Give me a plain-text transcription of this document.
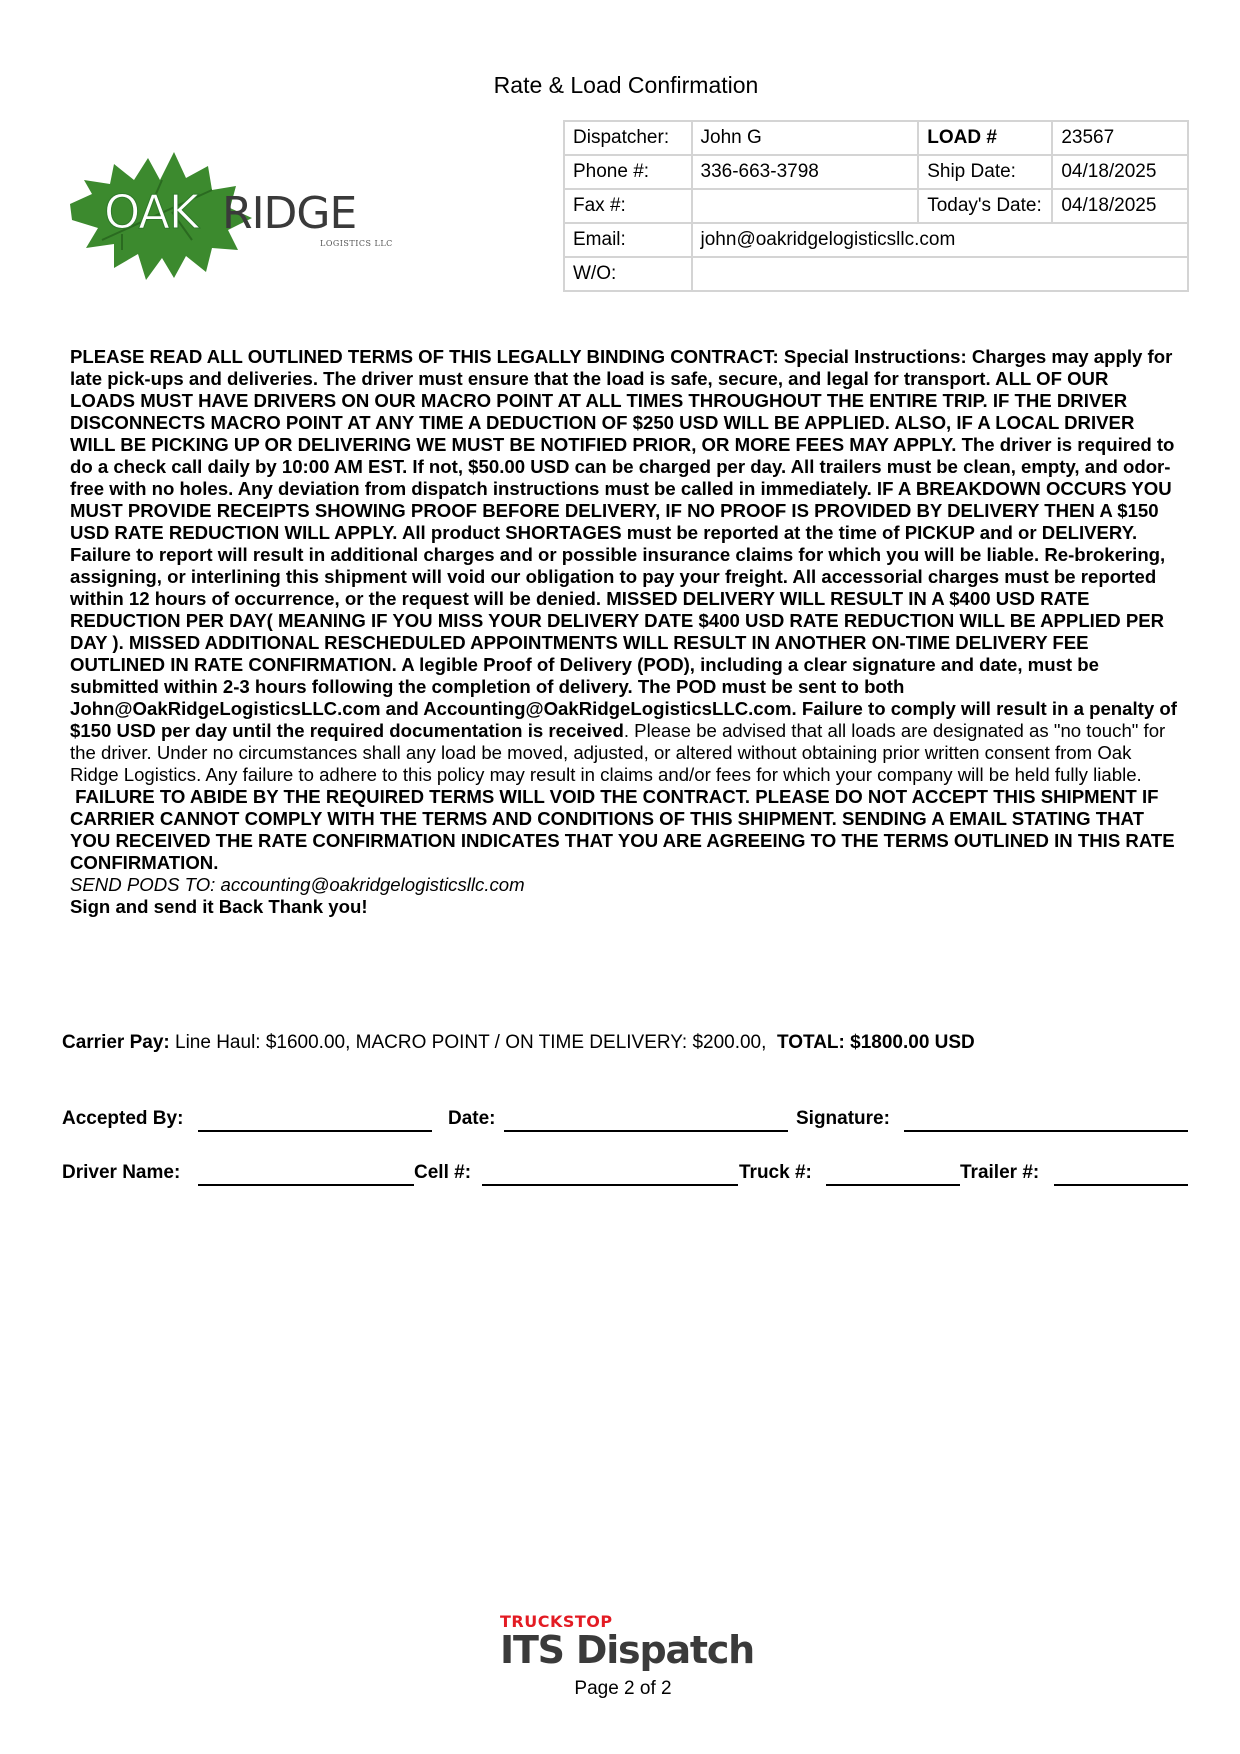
Rate & Load Confirmation
OAK RIDGE
LOGISTICS LLC
Dispatcher:	John G	LOAD #	23567
Phone #:	336-663-3798	Ship Date:	04/18/2025
Fax #:		Today's Date:	04/18/2025
Email:	john@oakridgelogisticsllc.com		
W/O:			

PLEASE READ ALL OUTLINED TERMS OF THIS LEGALLY BINDING CONTRACT: Special Instructions: Charges may apply for late pick-ups and deliveries. The driver must ensure that the load is safe, secure, and legal for transport. ALL OF OUR LOADS MUST HAVE DRIVERS ON OUR MACRO POINT AT ALL TIMES THROUGHOUT THE ENTIRE TRIP. IF THE DRIVER DISCONNECTS MACRO POINT AT ANY TIME A DEDUCTION OF $250 USD WILL BE APPLIED. ALSO, IF A LOCAL DRIVER WILL BE PICKING UP OR DELIVERING WE MUST BE NOTIFIED PRIOR, OR MORE FEES MAY APPLY. The driver is required to do a check call daily by 10:00 AM EST. If not, $50.00 USD can be charged per day. All trailers must be clean, empty, and odor-free with no holes. Any deviation from dispatch instructions must be called in immediately. IF A BREAKDOWN OCCURS YOU MUST PROVIDE RECEIPTS SHOWING PROOF BEFORE DELIVERY, IF NO PROOF IS PROVIDED BY DELIVERY THEN A $150 USD RATE REDUCTION WILL APPLY. All product SHORTAGES must be reported at the time of PICKUP and or DELIVERY. Failure to report will result in additional charges and or possible insurance claims for which you will be liable. Re-brokering, assigning, or interlining this shipment will void our obligation to pay your freight. All accessorial charges must be reported within 12 hours of occurrence, or the request will be denied. MISSED DELIVERY WILL RESULT IN A $400 USD RATE REDUCTION PER DAY( MEANING IF YOU MISS YOUR DELIVERY DATE $400 USD RATE REDUCTION WILL BE APPLIED PER DAY ). MISSED ADDITIONAL RESCHEDULED APPOINTMENTS WILL RESULT IN ANOTHER ON-TIME DELIVERY FEE OUTLINED IN RATE CONFIRMATION. A legible Proof of Delivery (POD), including a clear signature and date, must be submitted within 2-3 hours following the completion of delivery. The POD must be sent to both John@OakRidgeLogisticsLLC.com and Accounting@OakRidgeLogisticsLLC.com. Failure to comply will result in a penalty of $150 USD per day until the required documentation is received. Please be advised that all loads are designated as "no touch" for the driver. Under no circumstances shall any load be moved, adjusted, or altered without obtaining prior written consent from Oak Ridge Logistics. Any failure to adhere to this policy may result in claims and/or fees for which your company will be held fully liable.

FAILURE TO ABIDE BY THE REQUIRED TERMS WILL VOID THE CONTRACT. PLEASE DO NOT ACCEPT THIS SHIPMENT IF CARRIER CANNOT COMPLY WITH THE TERMS AND CONDITIONS OF THIS SHIPMENT. SENDING A EMAIL STATING THAT YOU RECEIVED THE RATE CONFIRMATION INDICATES THAT YOU ARE AGREEING TO THE TERMS OUTLINED IN THIS RATE CONFIRMATION.

SEND PODS TO: accounting@oakridgelogisticsllc.com

Sign and send it Back Thank you!

Carrier Pay: Line Haul: $1600.00, MACRO POINT / ON TIME DELIVERY: $200.00,  TOTAL: $1800.00 USD
Accepted By:	Date:	Signature:
Driver Name:	Cell #:	Truck #:	Trailer #:
TRUCKSTOP
ITS Dispatch
Page 2 of 2
